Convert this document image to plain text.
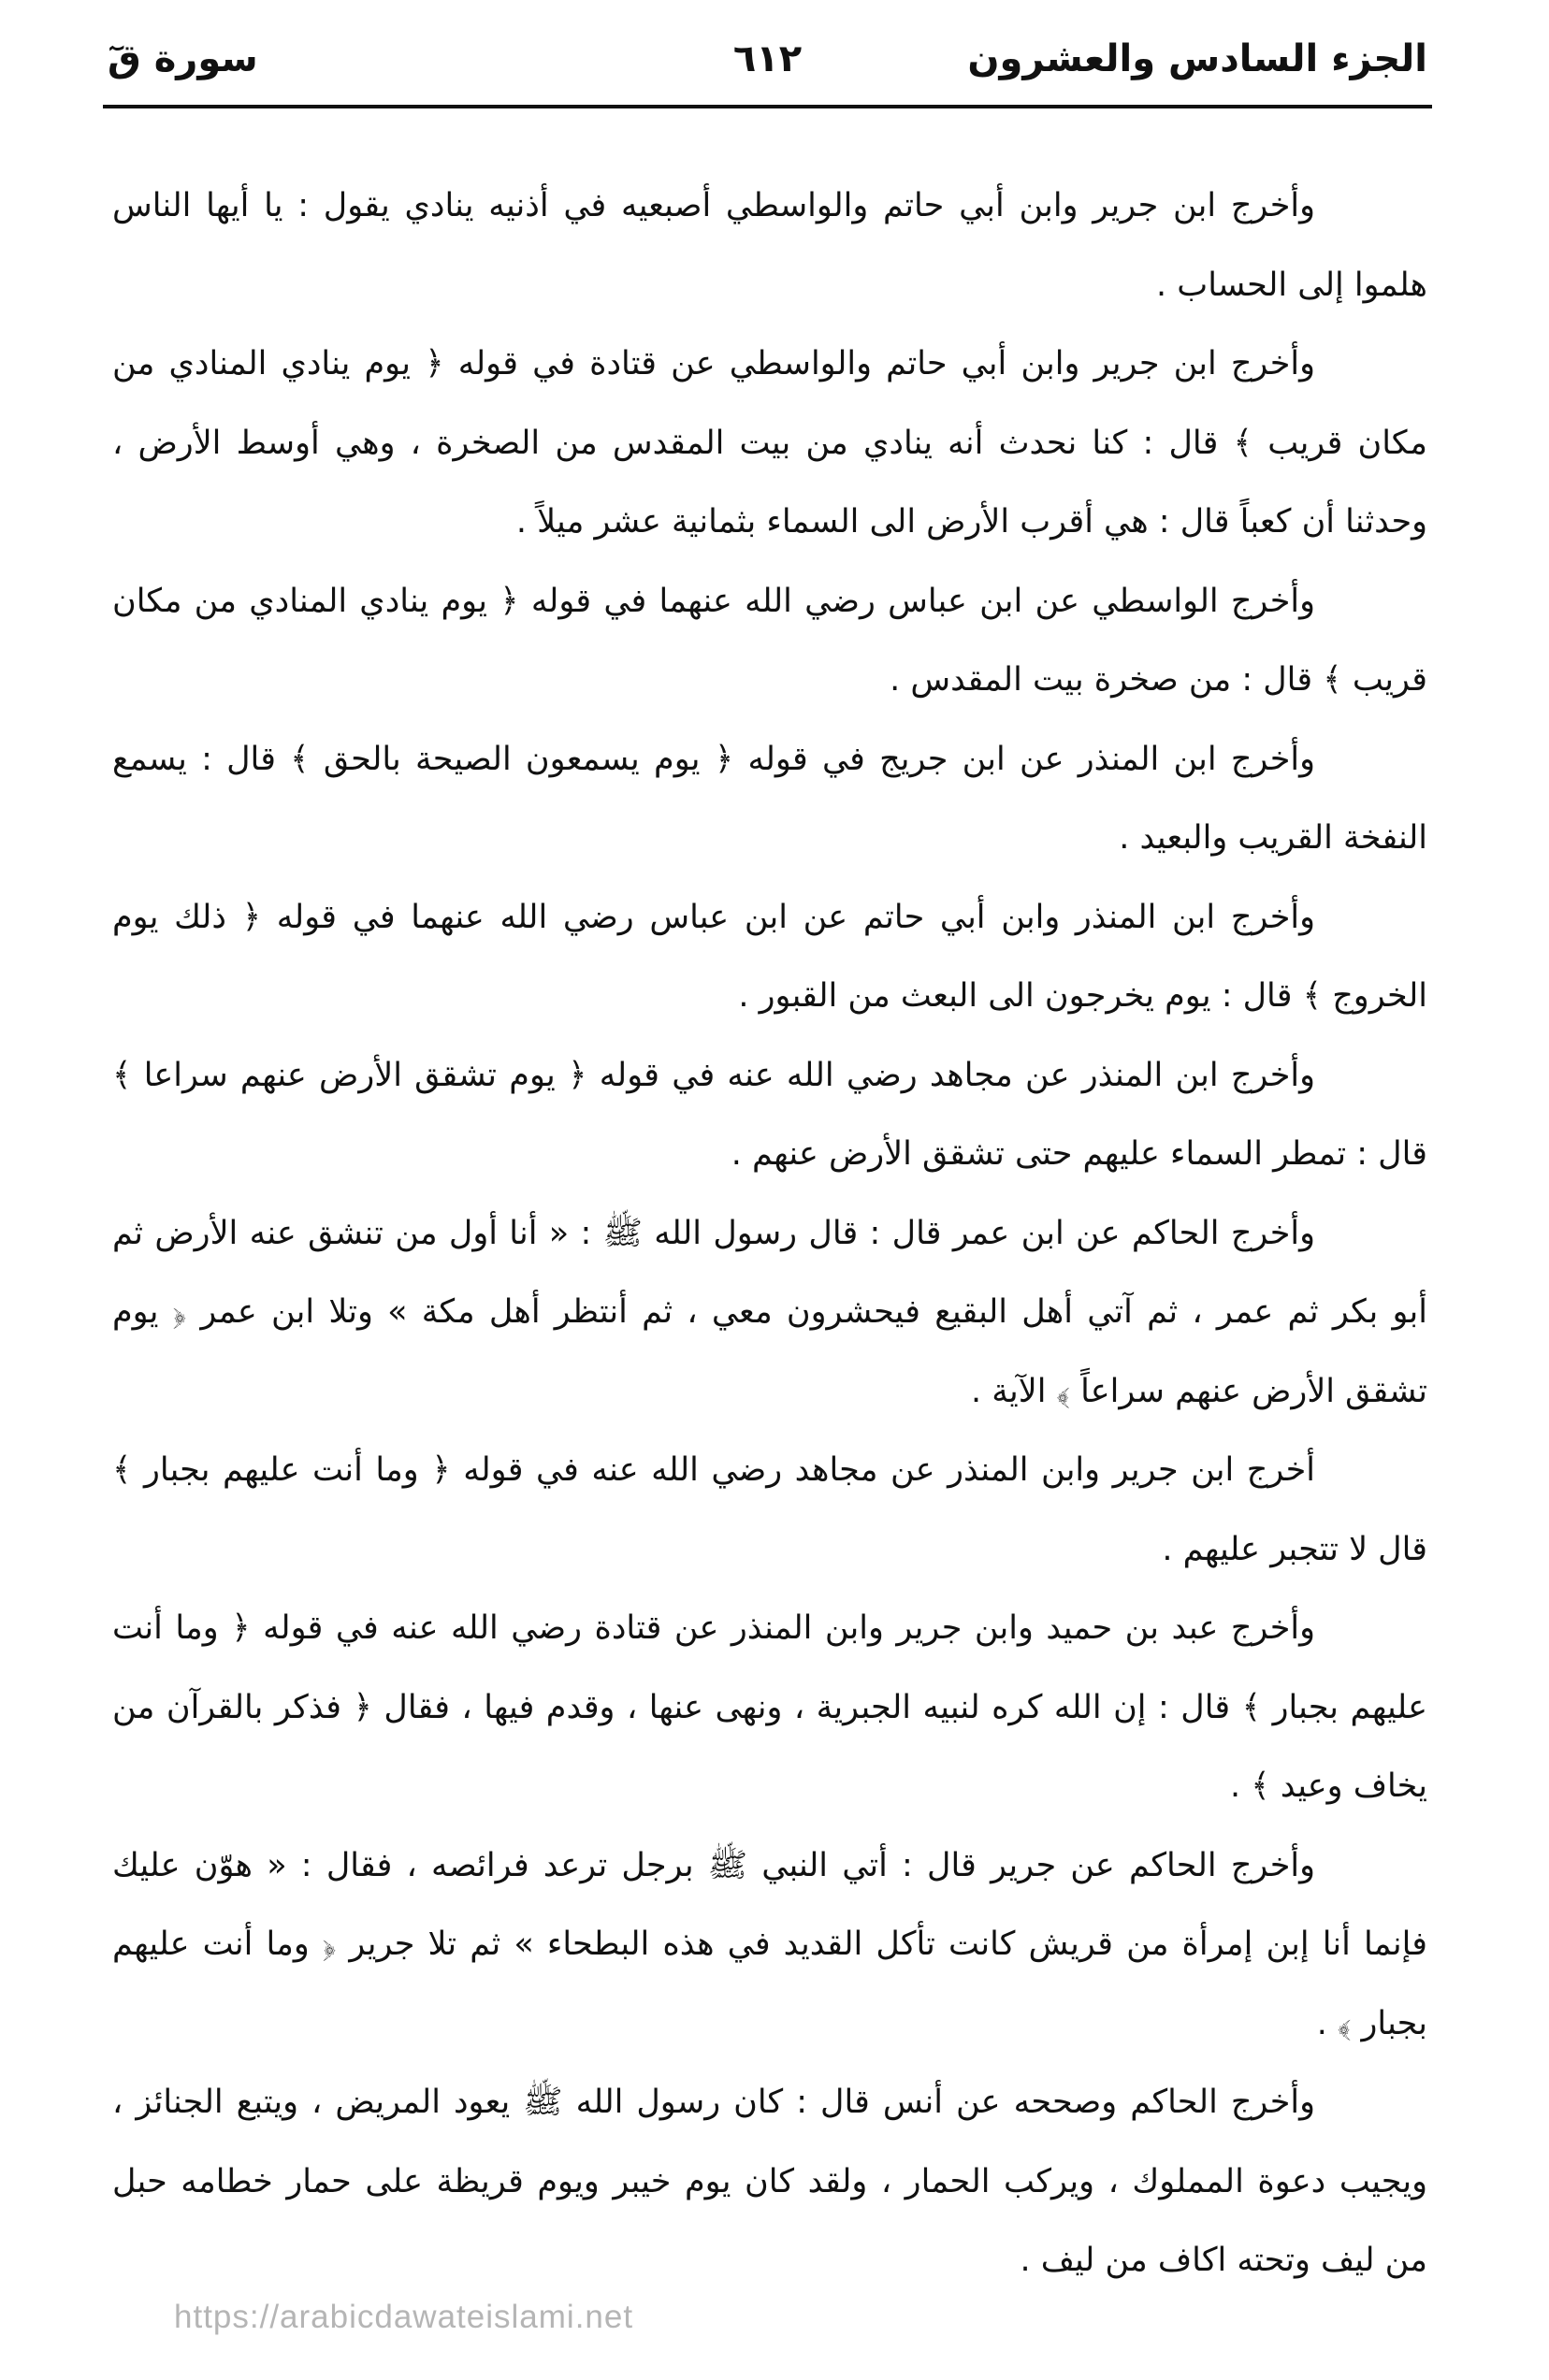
الجزء السادس والعشرون
٦١٢
سورة قٓ

وأخرج ابن جرير وابن أبي حاتم والواسطي أصبعيه في أذنيه ينادي يقول : يا أيها الناس هلموا إلى الحساب .

وأخرج ابن جرير وابن أبي حاتم والواسطي عن قتادة في قوله ﴿ يوم ينادي المنادي من مكان قريب ﴾ قال : كنا نحدث أنه ينادي من بيت المقدس من الصخرة ، وهي أوسط الأرض ، وحدثنا أن كعباً قال : هي أقرب الأرض الى السماء بثمانية عشر ميلاً .

وأخرج الواسطي عن ابن عباس رضي الله عنهما في قوله ﴿ يوم ينادي المنادي من مكان قريب ﴾ قال : من صخرة بيت المقدس .

وأخرج ابن المنذر عن ابن جريج في قوله ﴿ يوم يسمعون الصيحة بالحق ﴾ قال : يسمع النفخة القريب والبعيد .

وأخرج ابن المنذر وابن أبي حاتم عن ابن عباس رضي الله عنهما في قوله ﴿ ذلك يوم الخروج ﴾ قال : يوم يخرجون الى البعث من القبور .

وأخرج ابن المنذر عن مجاهد رضي الله عنه في قوله ﴿ يوم تشقق الأرض عنهم سراعا ﴾ قال : تمطر السماء عليهم حتى تشقق الأرض عنهم .

وأخرج الحاكم عن ابن عمر قال : قال رسول الله ﷺ : « أنا أول من تنشق عنه الأرض ثم أبو بكر ثم عمر ، ثم آتي أهل البقيع فيحشرون معي ، ثم أنتظر أهل مكة » وتلا ابن عمر ﴿ يوم تشقق الأرض عنهم سراعاً ﴾ الآية .

أخرج ابن جرير وابن المنذر عن مجاهد رضي الله عنه في قوله ﴿ وما أنت عليهم بجبار ﴾ قال لا تتجبر عليهم .

وأخرج عبد بن حميد وابن جرير وابن المنذر عن قتادة رضي الله عنه في قوله ﴿ وما أنت عليهم بجبار ﴾ قال : إن الله كره لنبيه الجبرية ، ونهى عنها ، وقدم فيها ، فقال ﴿ فذكر بالقرآن من يخاف وعيد ﴾ .

وأخرج الحاكم عن جرير قال : أتي النبي ﷺ برجل ترعد فرائصه ، فقال : « هوّن عليك فإنما أنا إبن إمرأة من قريش كانت تأكل القديد في هذه البطحاء » ثم تلا جرير ﴿ وما أنت عليهم بجبار ﴾ .

وأخرج الحاكم وصححه عن أنس قال : كان رسول الله ﷺ يعود المريض ، ويتبع الجنائز ، ويجيب دعوة المملوك ، ويركب الحمار ، ولقد كان يوم خيبر ويوم قريظة على حمار خطامه حبل من ليف وتحته اكاف من ليف .

https://arabicdawateislami.net
